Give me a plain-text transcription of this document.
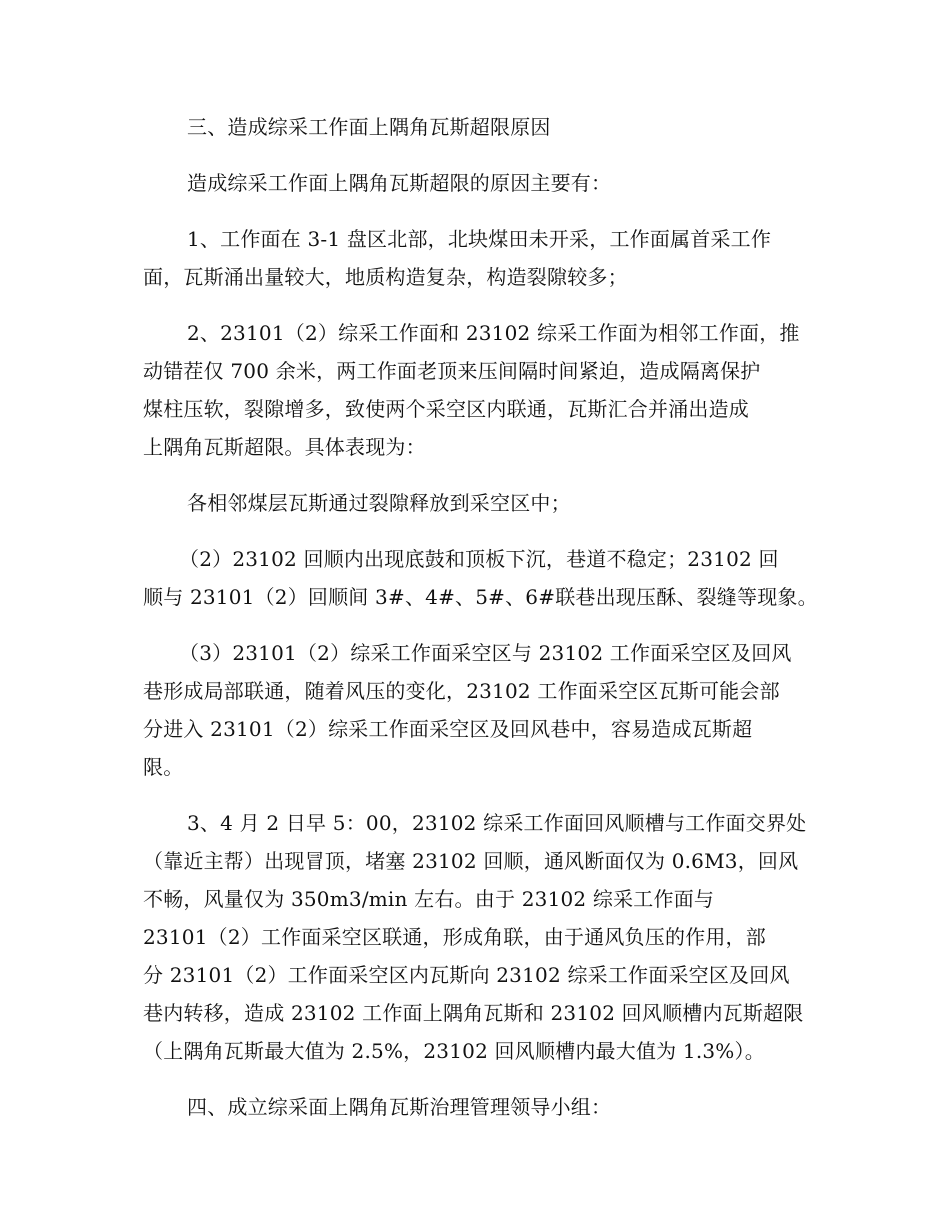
三、造成综采工作面上隅角瓦斯超限原因
造成综采工作面上隅角瓦斯超限的原因主要有：
1、工作面在 3-1 盘区北部，北块煤田未开采，工作面属首采工作
面，瓦斯涌出量较大，地质构造复杂，构造裂隙较多；
2、23101（2）综采工作面和 23102 综采工作面为相邻工作面，推
动错茬仅 700 余米，两工作面老顶来压间隔时间紧迫，造成隔离保护
煤柱压软，裂隙增多，致使两个采空区内联通，瓦斯汇合并涌出造成
上隅角瓦斯超限。具体表现为：
各相邻煤层瓦斯通过裂隙释放到采空区中；
（2）23102 回顺内出现底鼓和顶板下沉，巷道不稳定；23102 回
顺与 23101（2）回顺间 3#、4#、5#、6#联巷出现压酥、裂缝等现象。
（3）23101（2）综采工作面采空区与 23102 工作面采空区及回风
巷形成局部联通，随着风压的变化，23102 工作面采空区瓦斯可能会部
分进入 23101（2）综采工作面采空区及回风巷中，容易造成瓦斯超
限。
3、4 月 2 日早 5：00，23102 综采工作面回风顺槽与工作面交界处
（靠近主帮）出现冒顶，堵塞 23102 回顺，通风断面仅为 0.6M3，回风
不畅，风量仅为 350m3/min 左右。由于 23102 综采工作面与
23101（2）工作面采空区联通，形成角联，由于通风负压的作用，部
分 23101（2）工作面采空区内瓦斯向 23102 综采工作面采空区及回风
巷内转移，造成 23102 工作面上隅角瓦斯和 23102 回风顺槽内瓦斯超限
（上隅角瓦斯最大值为 2.5%，23102 回风顺槽内最大值为 1.3%）。
四、成立综采面上隅角瓦斯治理管理领导小组：
